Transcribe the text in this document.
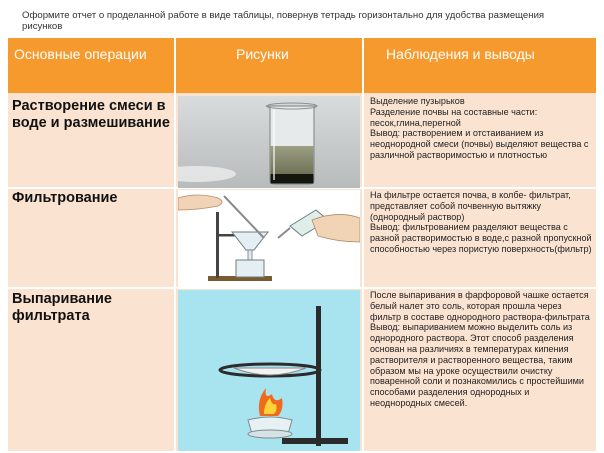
Оформите отчет о проделанной работе в виде таблицы, повернув тетрадь горизонтально для удобства размещения рисунков
Основные операции	Рисунки	Наблюдения и выводы
Растворение смеси в воде и размешивание
Фильтрование
Выпаривание фильтрата
Выделение пузырьков
Разделение почвы на составные части: песок,глина,перегной
Вывод: растворением и отстаиванием из неоднородной смеси (почвы) выделяют вещества с различной растворимостью и плотностью
На фильтре остается почва, в колбе- фильтрат, представляет собой почвенную вытяжку (однородный раствор)
Вывод: фильтрованием разделяют вещества с разной растворимостью в воде,с разной пропускной способностью через пористую поверхность(фильтр)
После выпаривания в фарфоровой чашке остается белый налет это соль, которая прошла через фильтр в составе однородного раствора-фильтрата
Вывод: выпариванием можно выделить соль из однородного раствора. Этот способ разделения основан на различиях в температурах кипения растворителя и растворенного вещества, таким образом мы на уроке осуществили очистку поваренной соли и познакомились с простейшими способами разделения однородных и неоднородных смесей.
